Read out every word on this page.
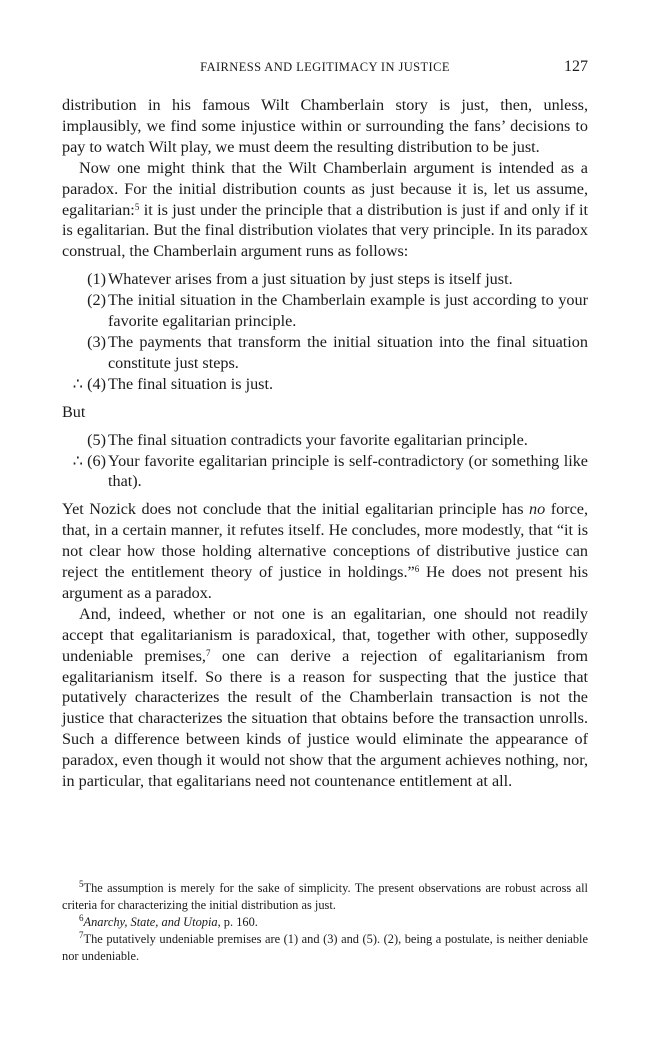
FAIRNESS AND LEGITIMACY IN JUSTICE	127

distribution in his famous Wilt Chamberlain story is just, then, unless, implausibly, we find some injustice within or surrounding the fans’ decisions to pay to watch Wilt play, we must deem the resulting distribution to be just.

Now one might think that the Wilt Chamberlain argument is intended as a paradox. For the initial distribution counts as just because it is, let us assume, egalitarian:$^5$ it is just under the principle that a distribution is just if and only if it is egalitarian. But the final distribution violates that very principle. In its paradox construal, the Chamberlain argument runs as follows:

(1) Whatever arises from a just situation by just steps is itself just.
(2) The initial situation in the Chamberlain example is just according to your favorite egalitarian principle.
(3) The payments that transform the initial situation into the final situation constitute just steps.
∴ (4) The final situation is just.

But

(5) The final situation contradicts your favorite egalitarian principle.
∴ (6) Your favorite egalitarian principle is self-contradictory (or something like that).

Yet Nozick does not conclude that the initial egalitarian principle has no force, that, in a certain manner, it refutes itself. He concludes, more modestly, that “it is not clear how those holding alternative conceptions of distributive justice can reject the entitlement theory of justice in holdings.”$^6$ He does not present his argument as a paradox.

And, indeed, whether or not one is an egalitarian, one should not readily accept that egalitarianism is paradoxical, that, together with other, supposedly undeniable premises,$^7$ one can derive a rejection of egalitarianism from egalitarianism itself. So there is a reason for suspecting that the justice that putatively characterizes the result of the Chamberlain transaction is not the justice that characterizes the situation that obtains before the transaction unrolls. Such a difference between kinds of justice would eliminate the appearance of paradox, even though it would not show that the argument achieves nothing, nor, in particular, that egalitarians need not countenance entitlement at all.

$^5$The assumption is merely for the sake of simplicity. The present observations are robust across all criteria for characterizing the initial distribution as just.

$^6$Anarchy, State, and Utopia, p. 160.

$^7$The putatively undeniable premises are (1) and (3) and (5). (2), being a postulate, is neither deniable nor undeniable.
